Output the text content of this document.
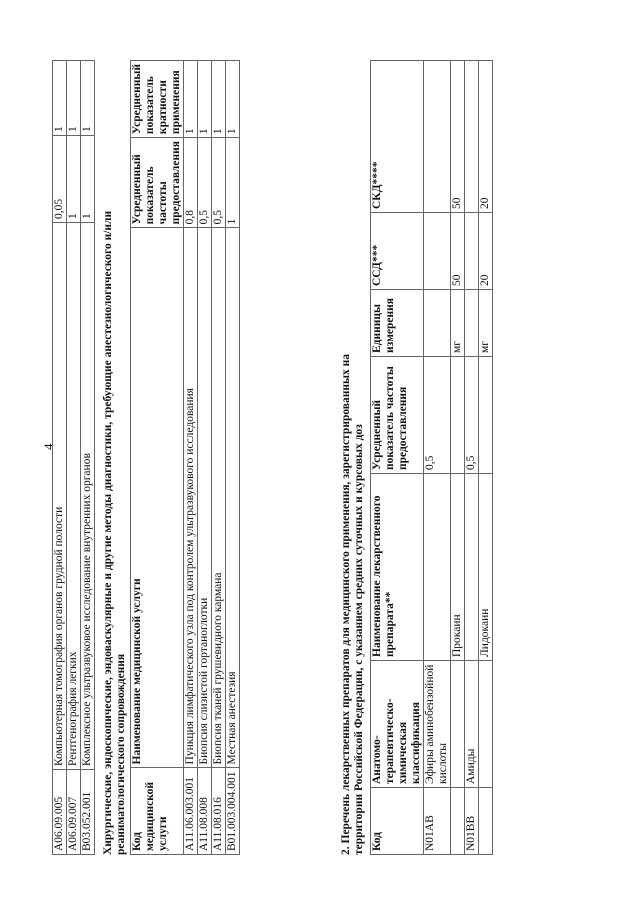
4
A06.09.005	Компьютерная томография органов грудной полости	0,05	1
A06.09.007	Рентгенография легких	1	1
B03.052.001	Комплексное ультразвуковое исследование внутренних органов	1	1
Хирургические, эндоскопические, эндоваскулярные и другие методы диагностики, требующие анестезиологического и/или реаниматологического сопровождения Код медицинской услуги	Наименование медицинской услуги	Усредненный показатель частоты предоставления	Усредненный показатель кратности применения
A11.06.003.001	Пункция лимфатического узла под контролем ультразвукового исследования	0,8	1
A11.08.008	Биопсия слизистой гортаноглотки	0,5	1
A11.08.016	Биопсия тканей грушевидного кармана	0,5	1
B01.003.004.001	Местная анестезия	1	1
2. Перечень лекарственных препаратов для медицинского применения, зарегистрированных на территории Российской Федерации, с указанием средних суточных и курсовых доз Код	Анатомо-терапевтическо-химическая классификация	Наименование лекарственного препарата**	Усредненный показатель частоты предоставления	Единицы измерения	ССД***	СКД****
N01AB	Эфиры аминобензойной кислоты		0,5			
		Прокаин		мг	50	50
N01BB	Амиды		0,5			
		Лидокаин		мг	20	20
